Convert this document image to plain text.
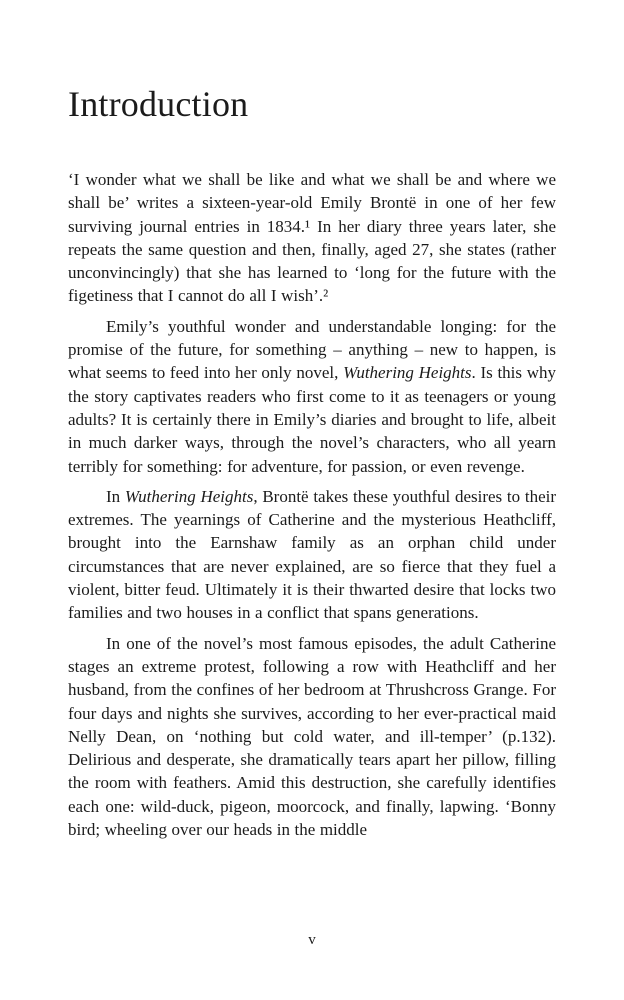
Introduction

‘I wonder what we shall be like and what we shall be and where we shall be’ writes a sixteen-year-old Emily Brontë in one of her few surviving journal entries in 1834.¹ In her diary three years later, she repeats the same question and then, finally, aged 27, she states (rather unconvincingly) that she has learned to ‘long for the future with the figetiness that I cannot do all I wish’.²

Emily’s youthful wonder and understandable longing: for the promise of the future, for something – anything – new to happen, is what seems to feed into her only novel, Wuthering Heights. Is this why the story captivates readers who first come to it as teenagers or young adults? It is certainly there in Emily’s diaries and brought to life, albeit in much darker ways, through the novel’s characters, who all yearn terribly for something: for adventure, for passion, or even revenge.

In Wuthering Heights, Brontë takes these youthful desires to their extremes. The yearnings of Catherine and the mysterious Heathcliff, brought into the Earnshaw family as an orphan child under circumstances that are never explained, are so fierce that they fuel a violent, bitter feud. Ultimately it is their thwarted desire that locks two families and two houses in a conflict that spans generations.

In one of the novel’s most famous episodes, the adult Catherine stages an extreme protest, following a row with Heathcliff and her husband, from the confines of her bedroom at Thrushcross Grange. For four days and nights she survives, according to her ever-practical maid Nelly Dean, on ‘nothing but cold water, and ill-temper’ (p.132). Delirious and desperate, she dramatically tears apart her pillow, filling the room with feathers. Amid this destruction, she carefully identifies each one: wild-duck, pigeon, moorcock, and finally, lapwing. ‘Bonny bird; wheeling over our heads in the middle

v
